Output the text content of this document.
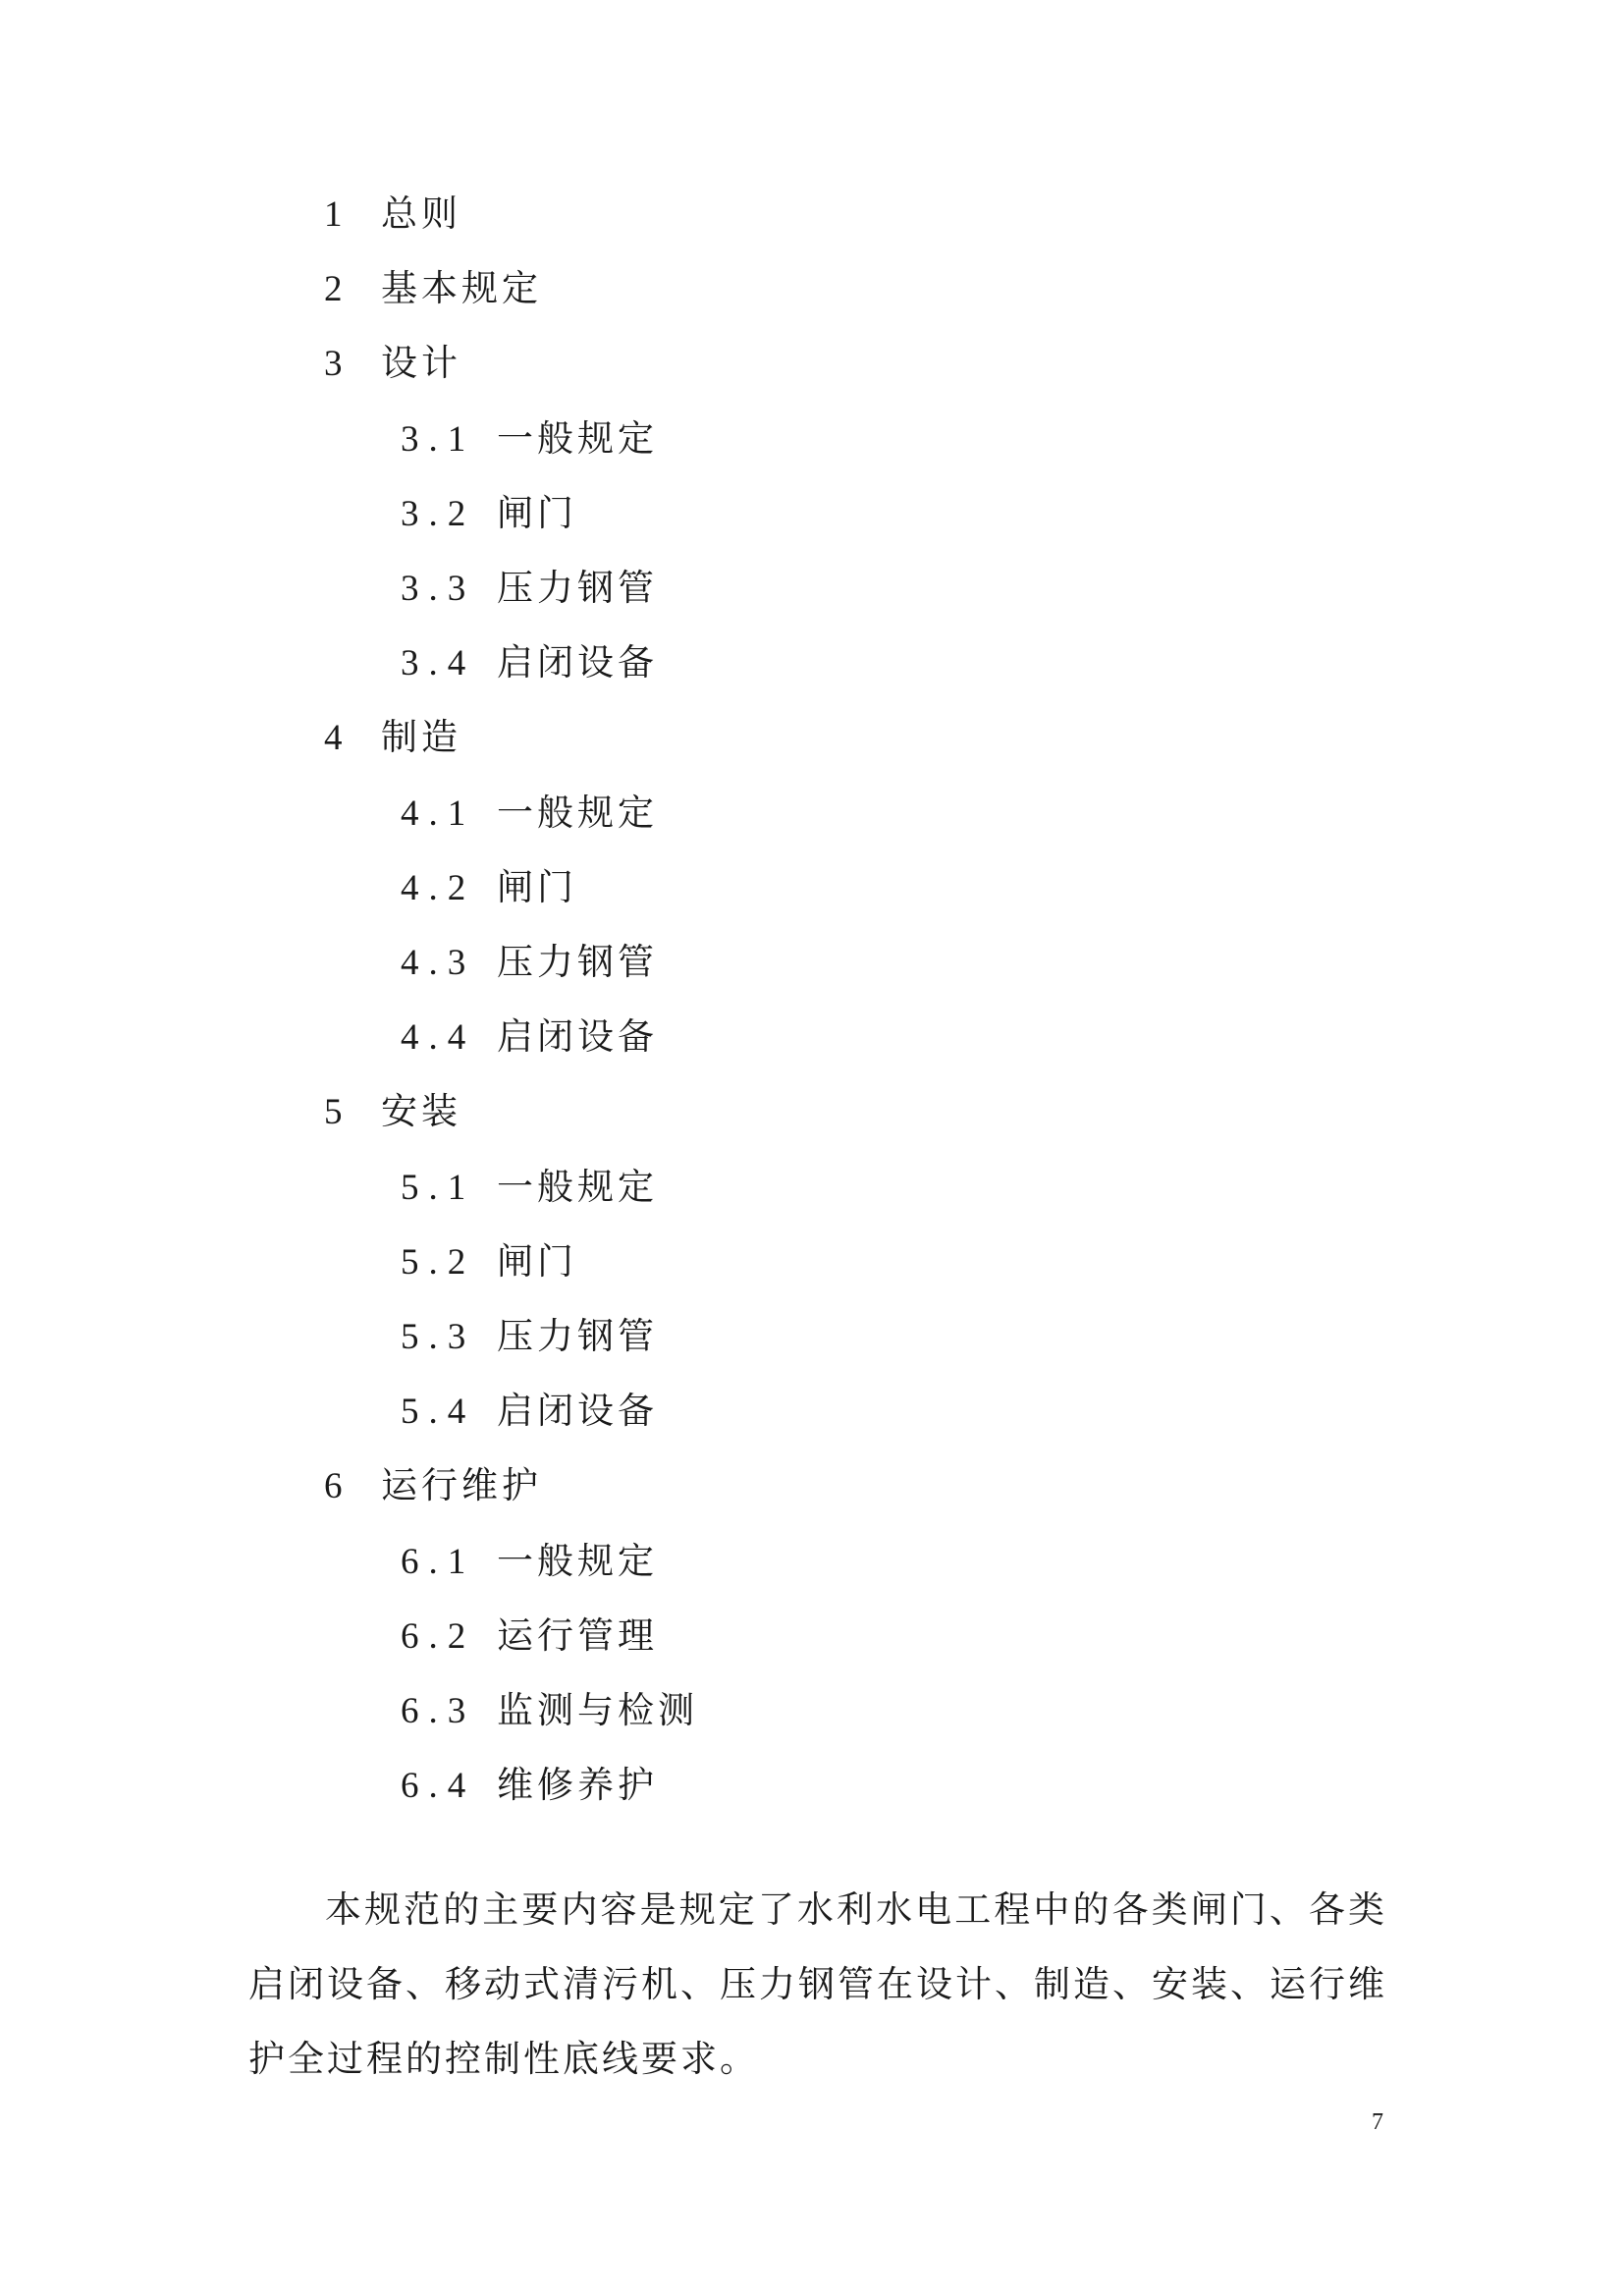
1 总则
2 基本规定
3 设计
3.1 一般规定
3.2 闸门
3.3 压力钢管
3.4 启闭设备
4 制造
4.1 一般规定
4.2 闸门
4.3 压力钢管
4.4 启闭设备
5 安装
5.1 一般规定
5.2 闸门
5.3 压力钢管
5.4 启闭设备
6 运行维护
6.1 一般规定
6.2 运行管理
6.3 监测与检测
6.4 维修养护

本规范的主要内容是规定了水利水电工程中的各类闸门、各类启闭设备、移动式清污机、压力钢管在设计、制造、安装、运行维护全过程的控制性底线要求。

7
